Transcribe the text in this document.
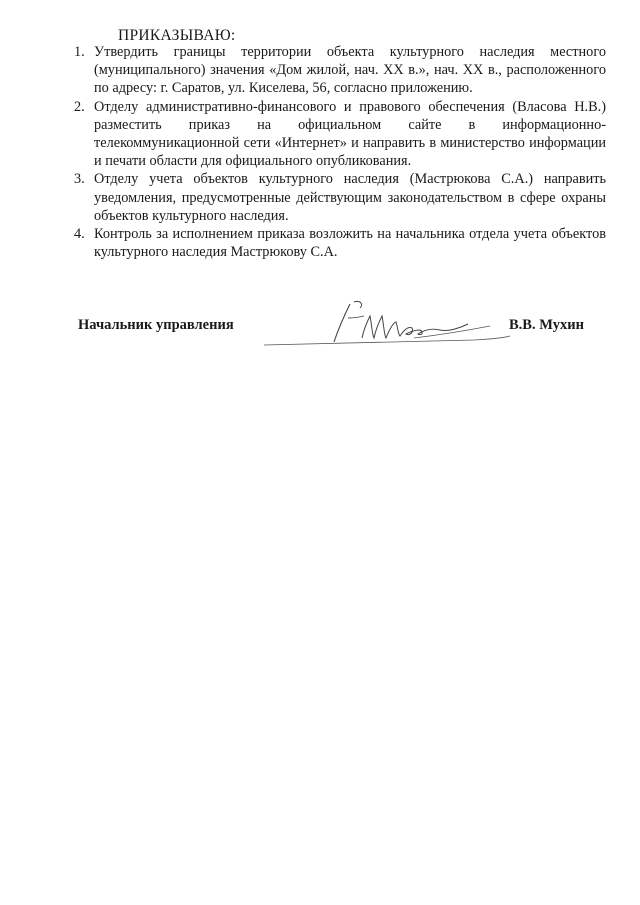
ПРИКАЗЫВАЮ:

1. Утвердить границы территории объекта культурного наследия местного (муниципального) значения «Дом жилой, нач. XX в.», нач. XX в., расположенного по адресу: г. Саратов, ул. Киселева, 56, согласно приложению.
2. Отделу административно-финансового и правового обеспечения (Власова Н.В.) разместить приказ на официальном сайте в информационно-телекоммуникационной сети «Интернет» и направить в министерство информации и печати области для официального опубликования.
3. Отделу учета объектов культурного наследия (Мастрюкова С.А.) направить уведомления, предусмотренные действующим законодательством в сфере охраны объектов культурного наследия.
4. Контроль за исполнением приказа возложить на начальника отдела учета объектов культурного наследия Мастрюкову С.А.
Начальник управления	В.В. Мухин
